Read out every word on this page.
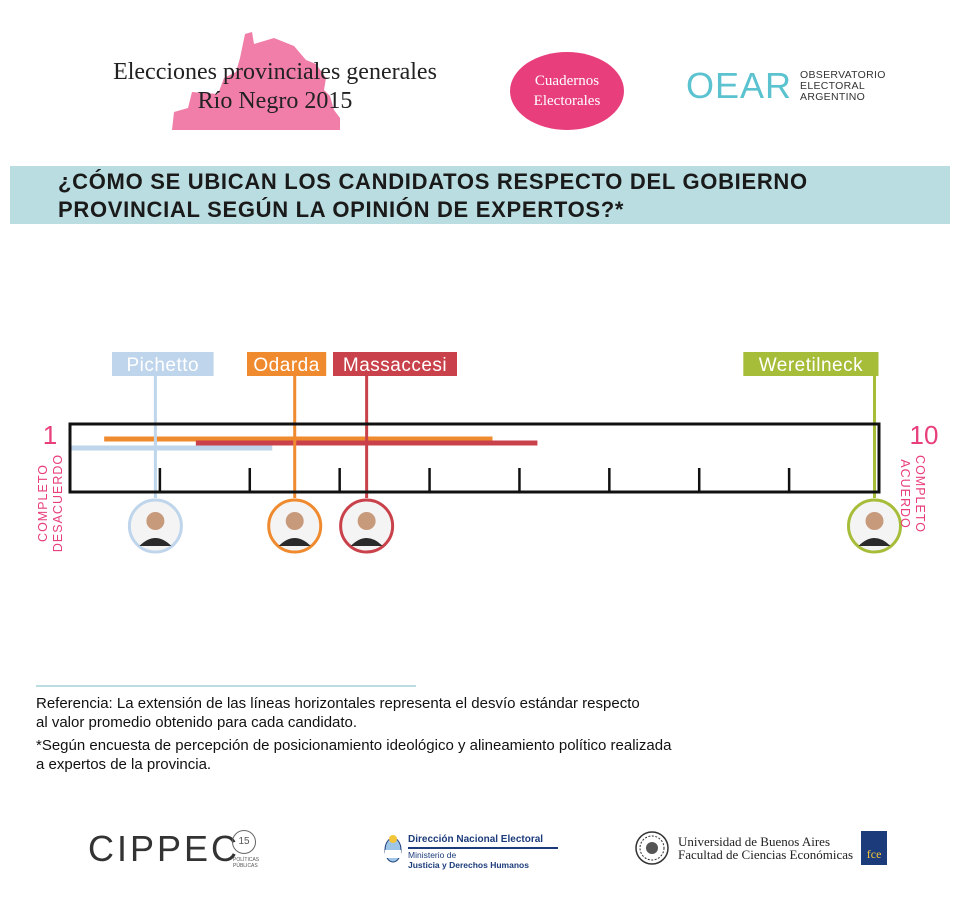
Elecciones provinciales generales
Río Negro 2015
Cuadernos
Electorales	OEAR OBSERVATORIO
ELECTORAL
ARGENTINO
¿CÓMO SE UBICAN LOS CANDIDATOS RESPECTO DEL GOBIERNO
PROVINCIAL SEGÚN LA OPINIÓN DE EXPERTOS?*
Pichetto	Odarda Massaccesi	Weretilneck
1	10
COMPLETO DESACUERDO	COMPLETO
ACUERDO
Referencia: La extensión de las líneas horizontales representa el desvío estándar respecto
al valor promedio obtenido para cada candidato.
*Según encuesta de percepción de posicionamiento ideológico y alineamiento político realizada
a expertos de la provincia.
CIPPEC
15
POLÍTICAS PÚBLICAS
Dirección Nacional Electoral
Ministerio de
Justicia y Derechos Humanos
Universidad de Buenos Aires
Facultad de Ciencias Económicas	fce
